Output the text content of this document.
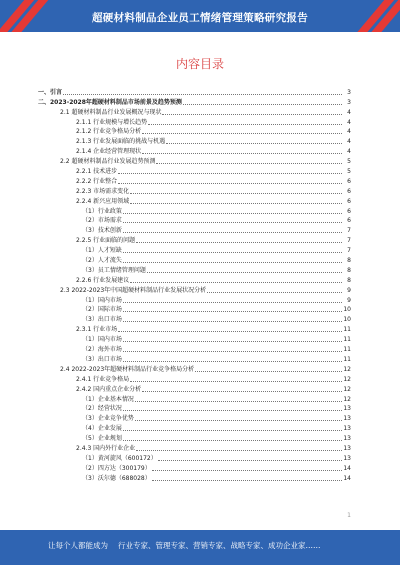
超硬材料制品企业员工情绪管理策略研究报告
内容目录
一、引言	3
二、2023-2028年超硬材料制品市场前景及趋势预测	3
2.1 超硬材料制品行业发展概况与现状	4
2.1.1 行业规模与增长趋势	4
2.1.2 行业竞争格局分析	4
2.1.3 行业发展面临的挑战与机遇	4
2.1.4 企业经营管理现状	4
2.2 超硬材料制品行业发展趋势预测	5
2.2.1 技术进步	5
2.2.2 行业整合	6
2.2.3 市场需求变化	6
2.2.4 新兴应用领域	6
（1）行业政策	6
（2）市场需求	6
（3）技术创新	7
2.2.5 行业面临的问题	7
（1）人才短缺	7
（2）人才流失	8
（3）员工情绪管理问题	8
2.2.6 行业发展建议	8
2.3 2022-2023年中国超硬材料制品行业发展状况分析	9
（1）国内市场	9
（2）国际市场	10
（3）出口市场	10
2.3.1 行业市场	11
（1）国内市场	11
（2）海外市场	11
（3）出口市场	11
2.4 2022-2023年超硬材料制品行业竞争格局分析	12
2.4.1 行业竞争格局	12
2.4.2 国内重点企业分析	12
（1）企业基本情况	12
（2）经营状况	13
（3）企业竞争优势	13
（4）企业发展	13
（5）企业规划	13
2.4.3 国内外行业企业	13
（1）黄河旋风（600172）	13
（2）四方达（300179）	14
（3）沃尔德（688028）	14
1
让每个人都能成为 行业专家、管理专家、营销专家、战略专家、成功企业家……
